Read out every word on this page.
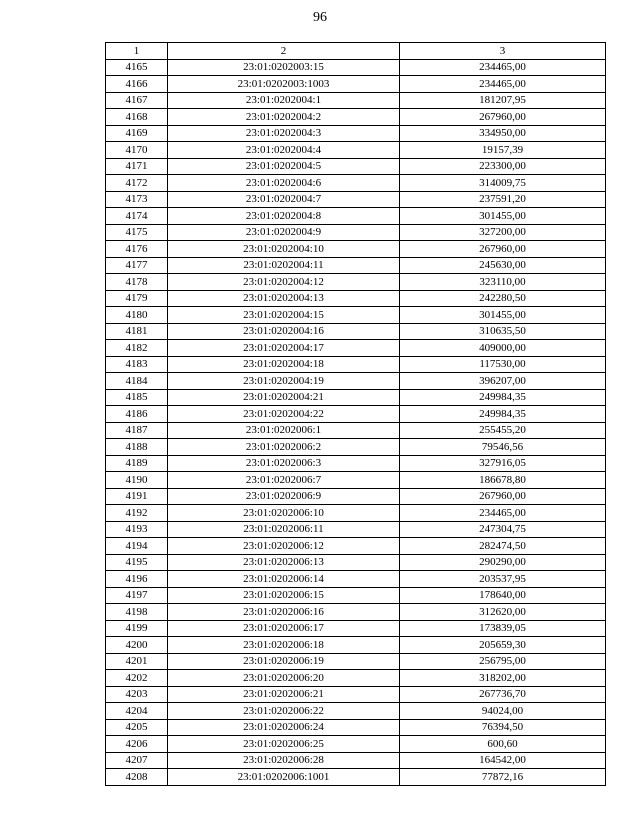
96
1	2	3
4165	23:01:0202003:15	234465,00
4166	23:01:0202003:1003	234465,00
4167	23:01:0202004:1	181207,95
4168	23:01:0202004:2	267960,00
4169	23:01:0202004:3	334950,00
4170	23:01:0202004:4	19157,39
4171	23:01:0202004:5	223300,00
4172	23:01:0202004:6	314009,75
4173	23:01:0202004:7	237591,20
4174	23:01:0202004:8	301455,00
4175	23:01:0202004:9	327200,00
4176	23:01:0202004:10	267960,00
4177	23:01:0202004:11	245630,00
4178	23:01:0202004:12	323110,00
4179	23:01:0202004:13	242280,50
4180	23:01:0202004:15	301455,00
4181	23:01:0202004:16	310635,50
4182	23:01:0202004:17	409000,00
4183	23:01:0202004:18	117530,00
4184	23:01:0202004:19	396207,00
4185	23:01:0202004:21	249984,35
4186	23:01:0202004:22	249984,35
4187	23:01:0202006:1	255455,20
4188	23:01:0202006:2	79546,56
4189	23:01:0202006:3	327916,05
4190	23:01:0202006:7	186678,80
4191	23:01:0202006:9	267960,00
4192	23:01:0202006:10	234465,00
4193	23:01:0202006:11	247304,75
4194	23:01:0202006:12	282474,50
4195	23:01:0202006:13	290290,00
4196	23:01:0202006:14	203537,95
4197	23:01:0202006:15	178640,00
4198	23:01:0202006:16	312620,00
4199	23:01:0202006:17	173839,05
4200	23:01:0202006:18	205659,30
4201	23:01:0202006:19	256795,00
4202	23:01:0202006:20	318202,00
4203	23:01:0202006:21	267736,70
4204	23:01:0202006:22	94024,00
4205	23:01:0202006:24	76394,50
4206	23:01:0202006:25	600,60
4207	23:01:0202006:28	164542,00
4208	23:01:0202006:1001	77872,16
